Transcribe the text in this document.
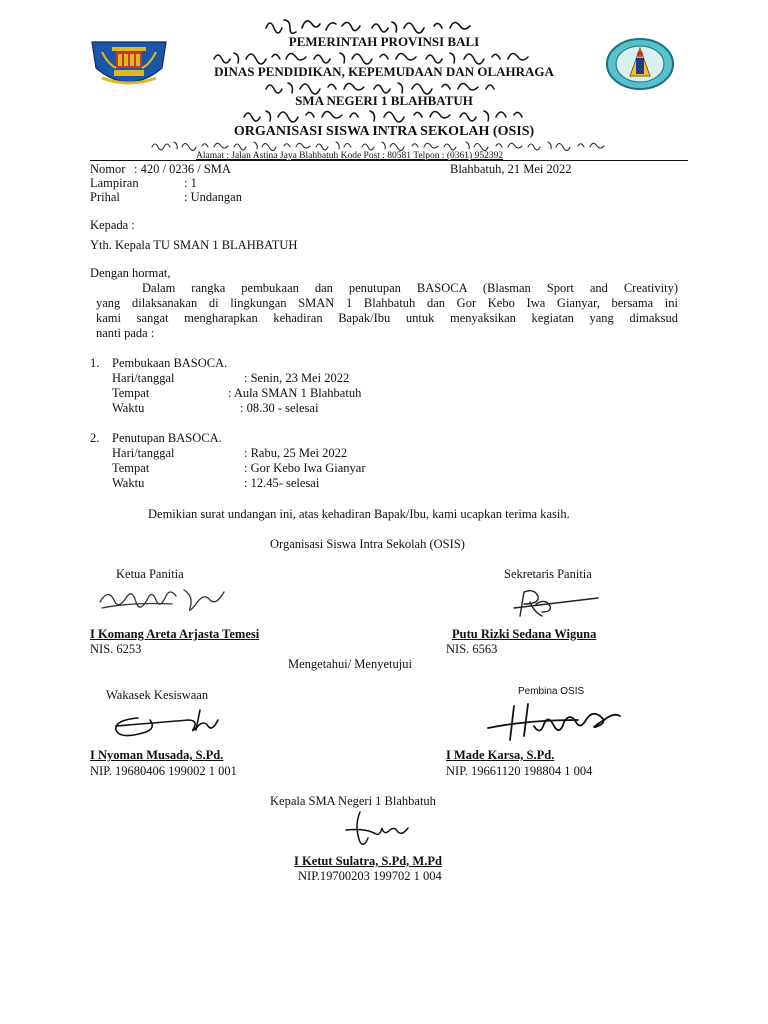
PEMERINTAH PROVINSI BALI
DINAS PENDIDIKAN, KEPEMUDAAN DAN OLAHRAGA
SMA NEGERI 1 BLAHBATUH
ORGANISASI SISWA INTRA SEKOLAH (OSIS)
Alamat : Jalan Astina Jaya Blahbatuh Kode Post : 80581 Telpon : (0361) 952392
Nomor : 420 / 0236 / SMA	Blahbatuh, 21 Mei 2022
Lampiran	: 1
Prihal	: Undangan
Kepada :
Yth. Kepala TU SMAN 1 BLAHBATUH
Dengan hormat,
Dalam rangka pembukaan dan penutupan BASOCA (Blasman Sport and Creativity)
yang dilaksanakan di lingkungan SMAN 1 Blahbatuh dan Gor Kebo Iwa Gianyar, bersama ini
kami sangat mengharapkan kehadiran Bapak/Ibu untuk menyaksikan kegiatan yang dimaksud
nanti pada :
1. Pembukaan BASOCA.
Hari/tanggal	: Senin, 23 Mei 2022
Tempat	: Aula SMAN 1 Blahbatuh
Waktu	: 08.30 - selesai
2. Penutupan BASOCA.
Hari/tanggal	: Rabu, 25 Mei 2022
Tempat	: Gor Kebo Iwa Gianyar
Waktu	: 12.45- selesai
Demikian surat undangan ini, atas kehadiran Bapak/Ibu, kami ucapkan terima kasih.
Organisasi Siswa Intra Sekolah (OSIS)
Ketua Panitia	Sekretaris Panitia
I Komang Areta Arjasta Temesi	Putu Rizki Sedana Wiguna
NIS. 6253	NIS. 6563
Mengetahui/ Menyetujui
Wakasek Kesiswaan	Pembina OSIS
I Nyoman Musada, S.Pd.	I Made Karsa, S.Pd.
NIP. 19680406 199002 1 001	NIP. 19661120 198804 1 004
Kepala SMA Negeri 1 Blahbatuh
I Ketut Sulatra, S.Pd, M.Pd
NIP.19700203 199702 1 004
